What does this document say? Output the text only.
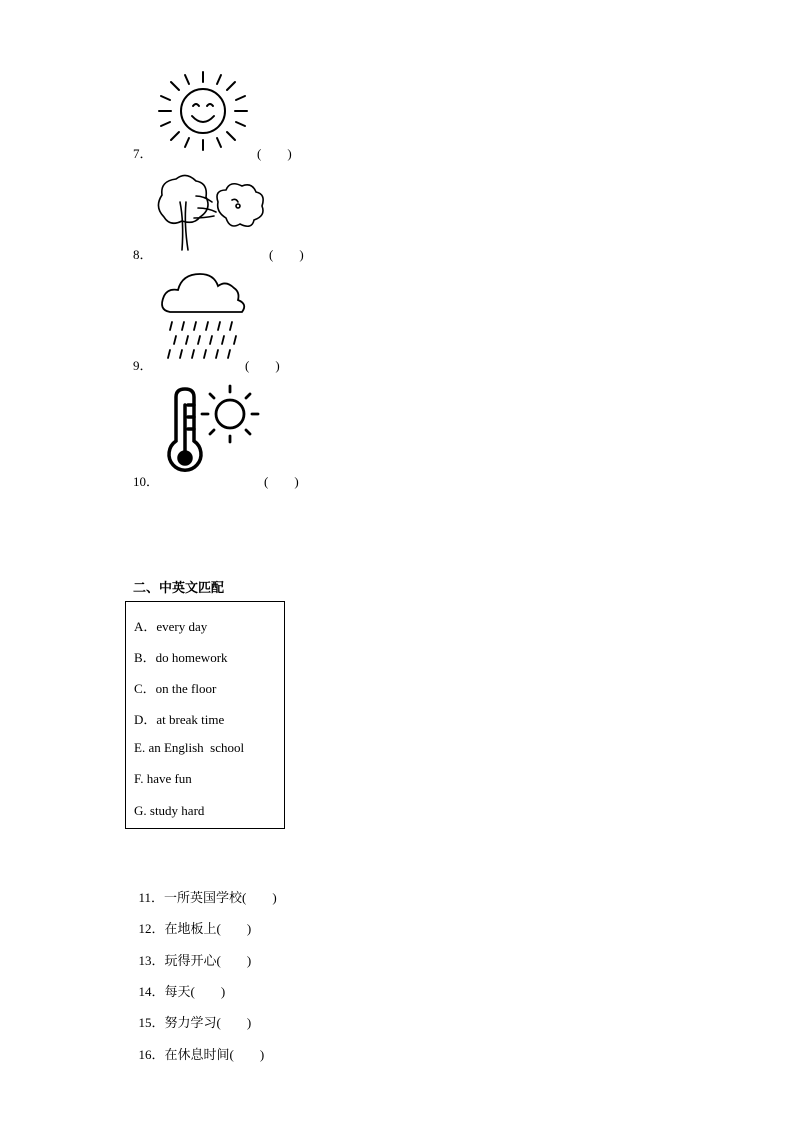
7．	(　　)
8．	(　　)
9．	(　　)
10．	(　　)
二、中英文匹配
A．every day
B．do homework
C．on the floor
D．at break time
E. an English  school
F. have fun
G. study hard

11．一所英国学校(　　)

12．在地板上(　　)

13．玩得开心(　　)

14．每天(　　)

15．努力学习(　　)

16．在休息时间(　　)
